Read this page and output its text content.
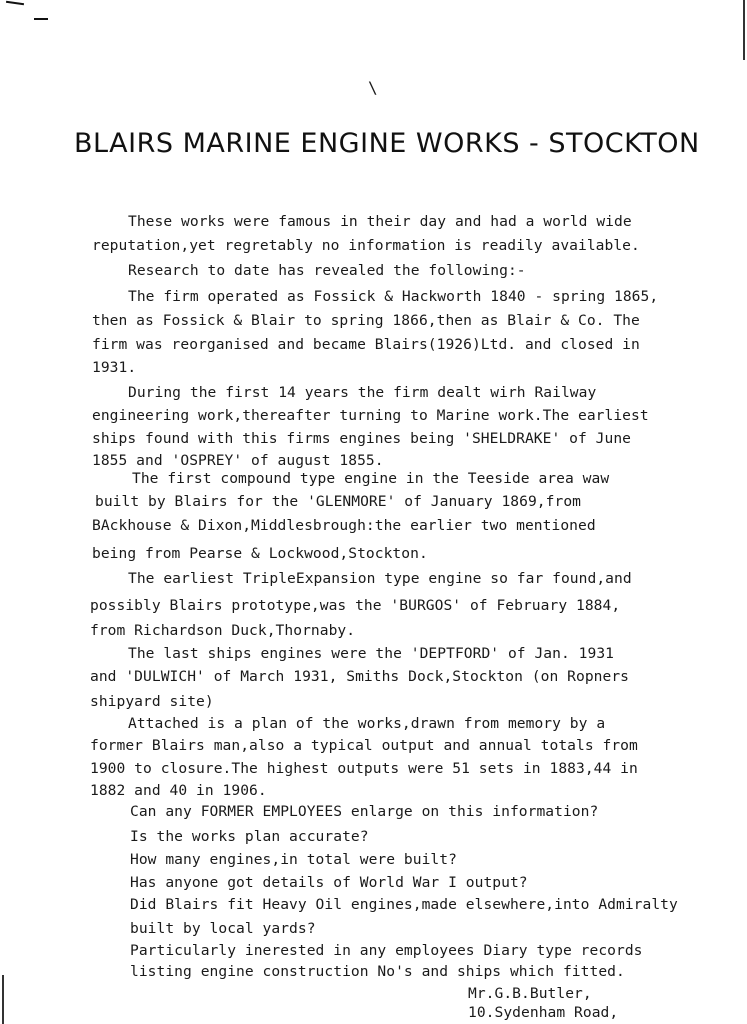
\
BLAIRS MARINE ENGINE WORKS - STOCKTON
These works were famous in their day and had a world wide
reputation,yet regretably no information is readily available.
Research to date has revealed the following:-
The firm operated as Fossick & Hackworth 1840 - spring 1865,
then as Fossick & Blair to spring 1866,then as Blair & Co. The
firm was reorganised and became Blairs(1926)Ltd. and closed in
1931.
During the first 14 years the firm dealt wirh Railway
engineering work,thereafter turning to Marine work.The earliest
ships found with this firms engines being 'SHELDRAKE' of June
1855 and 'OSPREY' of august 1855.
The first compound type engine in the Teeside area waw
built by Blairs for the 'GLENMORE' of January 1869,from
BAckhouse & Dixon,Middlesbrough:the earlier two mentioned
being from Pearse & Lockwood,Stockton.
The earliest TripleExpansion type engine so far found,and
possibly Blairs prototype,was the 'BURGOS' of February 1884,
from Richardson Duck,Thornaby.
The last ships engines were the 'DEPTFORD' of Jan. 1931
and 'DULWICH' of March 1931, Smiths Dock,Stockton (on Ropners
shipyard site)
Attached is a plan of the works,drawn from memory by a
former Blairs man,also a typical output and annual totals from
1900 to closure.The highest outputs were 51 sets in 1883,44 in
1882 and 40 in 1906.
Can any FORMER EMPLOYEES enlarge on this information?
Is the works plan accurate?
How many engines,in total were built?
Has anyone got details of World War I output?
Did Blairs fit Heavy Oil engines,made elsewhere,into Admiralty
built by local yards?
Particularly inerested in any employees Diary type records
listing engine construction No's and ships which fitted.
Mr.G.B.Butler,
10.Sydenham Road,
